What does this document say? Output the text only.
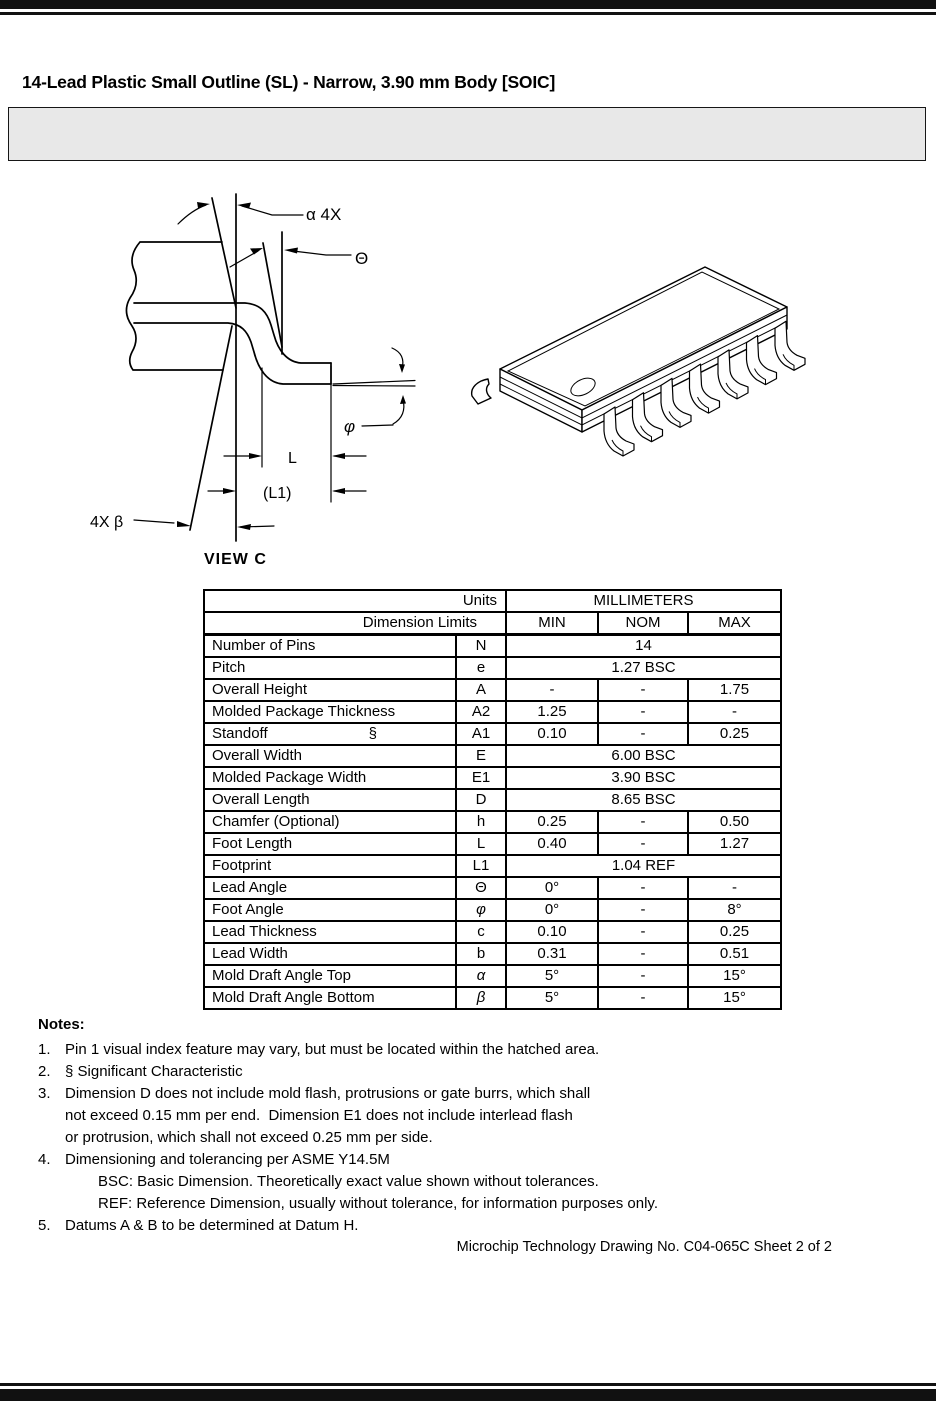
14-Lead Plastic Small Outline (SL) - Narrow, 3.90 mm Body [SOIC]
α 4X
Θ
φ
L
(L1)
4X β
VIEW C
Units		MILLIMETERS		
Dimension Limits		MIN	NOM	MAX
Number of Pins	N	14		
Pitch	e	1.27 BSC		
Overall Height	A	-	-	1.75
Molded Package Thickness	A2	1.25	-	-

Standoff §	A1	0.10	-	0.25
Overall Width	E	6.00 BSC		
Molded Package Width	E1	3.90 BSC		
Overall Length	D	8.65 BSC		
Chamfer (Optional)	h	0.25	-	0.50
Foot Length	L	0.40	-	1.27
Footprint	L1	1.04 REF		
Lead Angle	Θ	0°	-	-
Foot Angle	φ	0°	-	8°
Lead Thickness	c	0.10	-	0.25
Lead Width	b	0.31	-	0.51
Mold Draft Angle Top	α	5°	-	15°
Mold Draft Angle Bottom	β	5°	-	15°
Notes:
1. Pin 1 visual index feature may vary, but must be located within the hatched area.
2. § Significant Characteristic
3. Dimension D does not include mold flash, protrusions or gate burrs, which shall
not exceed 0.15 mm per end.  Dimension E1 does not include interlead flash
or protrusion, which shall not exceed 0.25 mm per side.
4. Dimensioning and tolerancing per ASME Y14.5M
BSC: Basic Dimension. Theoretically exact value shown without tolerances.
REF: Reference Dimension, usually without tolerance, for information purposes only.
5. Datums A & B to be determined at Datum H.
Microchip Technology Drawing No. C04-065C Sheet 2 of 2
